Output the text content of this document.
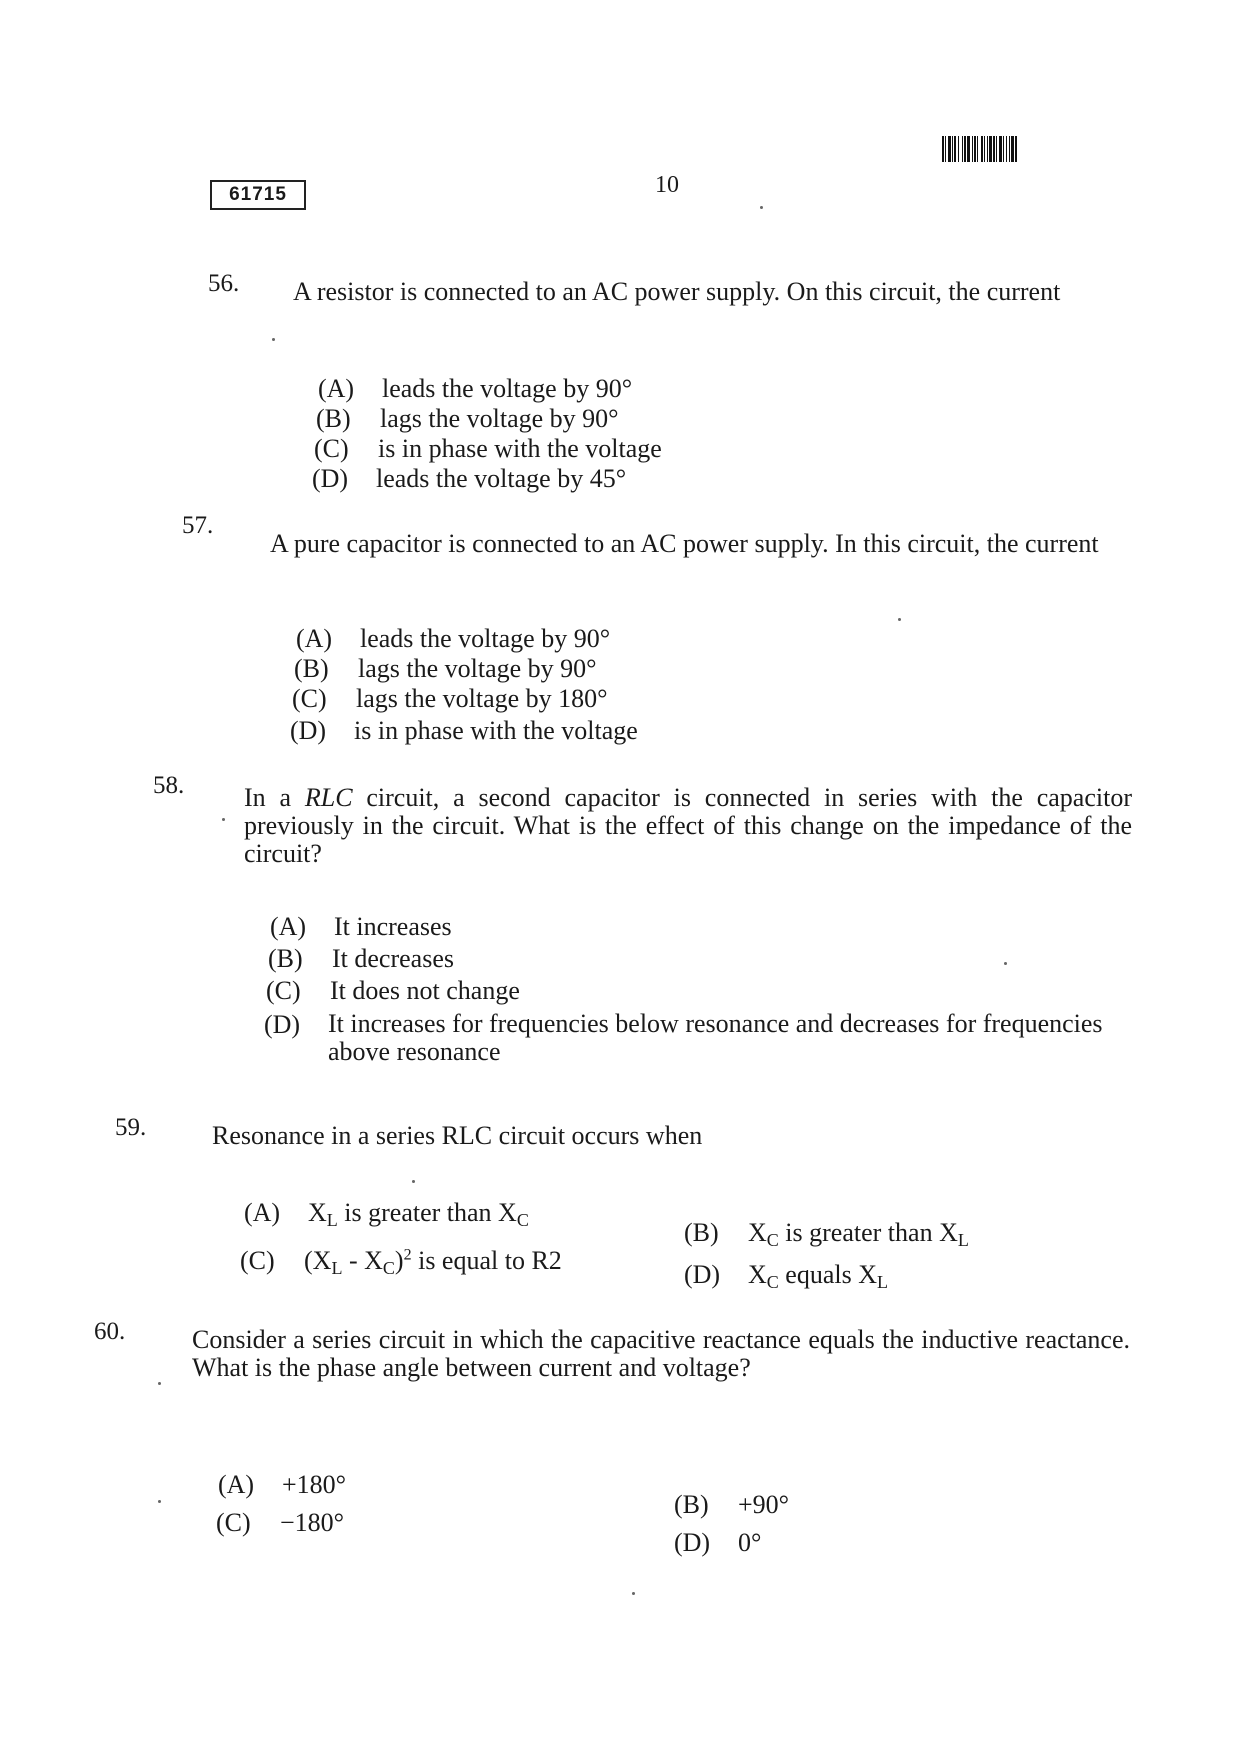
61715	10
56. A resistor is connected to an AC power supply. On this circuit, the current
(A) leads the voltage by 90°
(B) lags the voltage by 90°
(C) is in phase with the voltage
(D) leads the voltage by 45°
57.
A pure capacitor is connected to an AC power supply. In this circuit, the current
(A) leads the voltage by 90°
(B) lags the voltage by 90°
(C) lags the voltage by 180°
(D) is in phase with the voltage
58. In a RLC circuit, a second capacitor is connected in series with the capacitor previously in the circuit. What is the effect of this change on the impedance of the circuit?
(A) It increases
(B) It decreases
(C) It does not change
(D) It increases for frequencies below resonance and decreases for frequencies above resonance
59.	Resonance in a series RLC circuit occurs when
(A) $X_L$ is greater than $X_C$	(B) $X_C$ is greater than $X_L$
(C) $(X_L - X_C)^2$ is equal to R2	(D) $X_C$ equals $X_L$
60.	Consider a series circuit in which the capacitive reactance equals the inductive reactance. What is the phase angle between current and voltage?
(A) +180°
(B) +90°
(C) −180°
(D) 0°
